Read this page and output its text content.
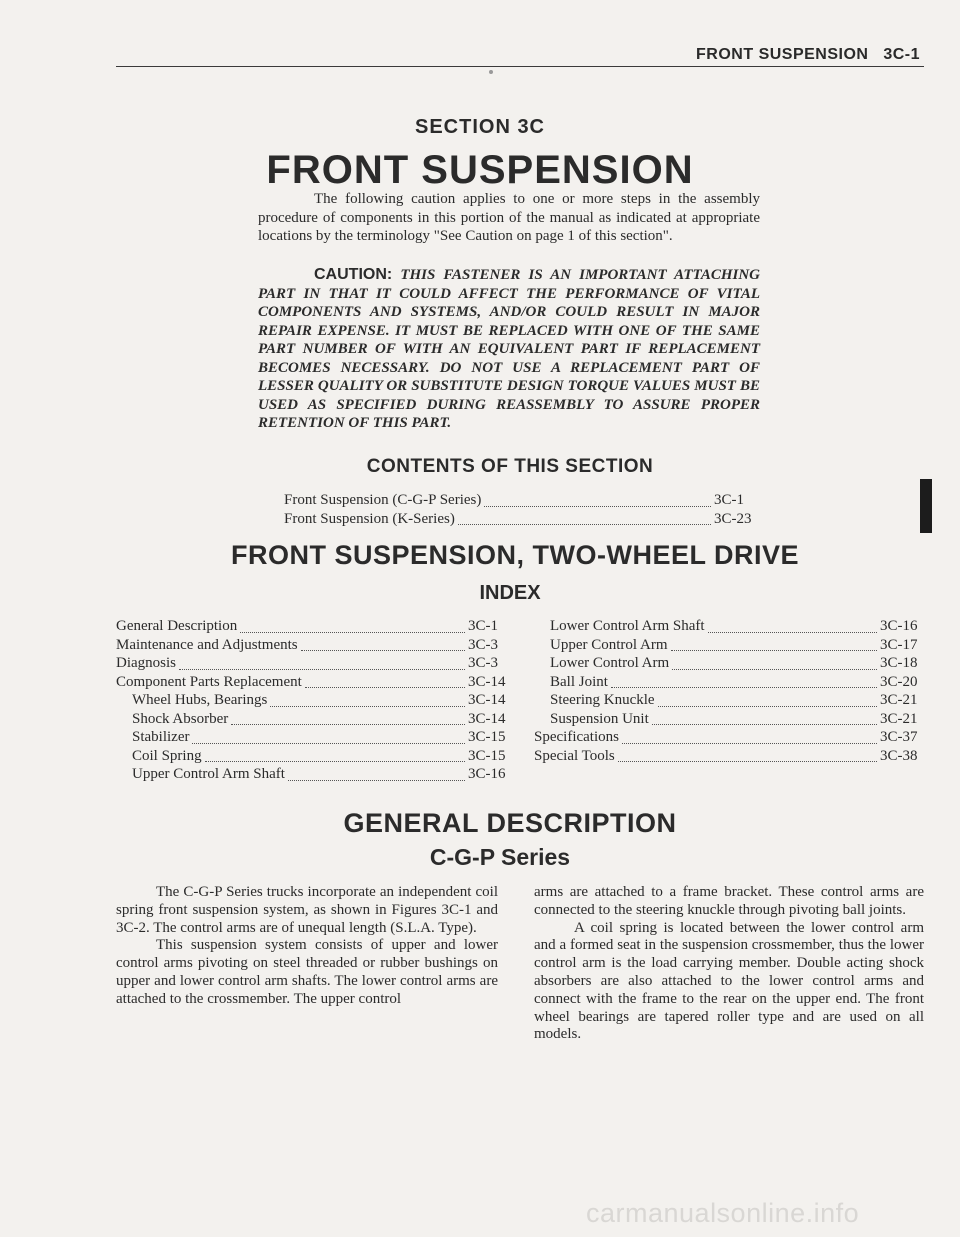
FRONT SUSPENSION   3C-1
SECTION 3C
FRONT SUSPENSION
The following caution applies to one or more steps in the assembly procedure of components in this portion of the manual as indicated at appropriate locations by the terminology "See Caution on page 1 of this section".
CAUTION: THIS FASTENER IS AN IMPORTANT ATTACHING PART IN THAT IT COULD AFFECT THE PERFORMANCE OF VITAL COMPONENTS AND SYSTEMS, AND/OR COULD RESULT IN MAJOR REPAIR EXPENSE. IT MUST BE REPLACED WITH ONE OF THE SAME PART NUMBER OF WITH AN EQUIVALENT PART IF REPLACEMENT BECOMES NECESSARY. DO NOT USE A REPLACEMENT PART OF LESSER QUALITY OR SUBSTITUTE DESIGN TORQUE VALUES MUST BE USED AS SPECIFIED DURING REASSEMBLY TO ASSURE PROPER RETENTION OF THIS PART.
CONTENTS OF THIS SECTION
Front Suspension (C-G-P Series)	3C-1
Front Suspension (K-Series)	3C-23
FRONT SUSPENSION, TWO-WHEEL DRIVE
INDEX
General Description	3C-1
Maintenance and Adjustments	3C-3
Diagnosis	3C-3
Component Parts Replacement	3C-14
Wheel Hubs, Bearings	3C-14
Shock Absorber	3C-14
Stabilizer	3C-15
Coil Spring	3C-15
Upper Control Arm Shaft	3C-16
Lower Control Arm Shaft	3C-16
Upper Control Arm	3C-17
Lower Control Arm	3C-18
Ball Joint	3C-20
Steering Knuckle	3C-21
Suspension Unit	3C-21
Specifications	3C-37
Special Tools	3C-38
GENERAL DESCRIPTION
C-G-P Series

The C-G-P Series trucks incorporate an independent coil spring front suspension system, as shown in Figures 3C-1 and 3C-2. The control arms are of unequal length (S.L.A. Type).

This suspension system consists of upper and lower control arms pivoting on steel threaded or rubber bushings on upper and lower control arm shafts. The lower control arms are attached to the crossmember. The upper control

arms are attached to a frame bracket. These control arms are connected to the steering knuckle through pivoting ball joints.

A coil spring is located between the lower control arm and a formed seat in the suspension crossmember, thus the lower control arm is the load carrying member. Double acting shock absorbers are also attached to the lower control arms and connect with the frame to the rear on the upper end. The front wheel bearings are tapered roller type and are used on all models.

carmanualsonline.info
